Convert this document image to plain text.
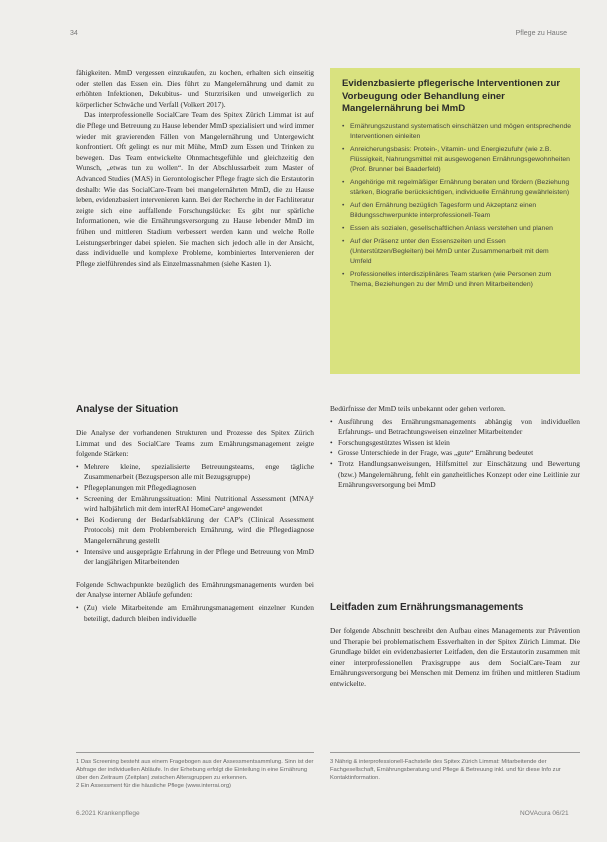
34	Pflege zu Hause

fähigkeiten. MmD vergessen einzukaufen, zu kochen, erhalten sich einseitig oder stellen das Essen ein. Dies führt zu Mangelernährung und damit zu erhöhten Infektionen, Dekubitus- und Sturzrisiken und unweigerlich zu körperlicher Schwäche und Verfall (Volkert 2017).

Das interprofessionelle SocialCare Team des Spitex Zürich Limmat ist auf die Pflege und Betreuung zu Hause lebender MmD spezialisiert und wird immer wieder mit gravierenden Fällen von Mangelernährung und Untergewicht konfrontiert. Oft gelingt es nur mit Mühe, MmD zum Essen und Trinken zu bewegen. Das Team entwickelte Ohnmachtsgefühle und gleichzeitig den Wunsch, „etwas tun zu wollen“. In der Abschlussarbeit zum Master of Advanced Studies (MAS) in Gerontologischer Pflege fragte sich die Erstautorin deshalb: Wie das SocialCare-Team bei mangelernährten MmD, die zu Hause leben, evidenzbasiert intervenieren kann. Bei der Recherche in der Fachliteratur zeigte sich eine auffallende Forschungslücke: Es gibt nur spärliche Informationen, wie die Ernährungsversorgung zu Hause lebender MmD im frühen und mittleren Stadium verbessert werden kann und welche Rolle Leistungserbringer dabei spielen. Sie machen sich jedoch alle in der Ansicht, dass individuelle und komplexe Probleme, kombiniertes Intervenieren der Pflege zielführendes sind als Einzelmassnahmen (siehe Kasten 1).

Evidenzbasierte pflegerische Interventionen zur Vorbeugung oder Behandlung einer Mangelernährung bei MmD
• Ernährungszustand systematisch einschätzen und mögen entsprechende Interventionen einleiten
• Anreicherungsbasis: Protein-, Vitamin- und Energiezufuhr (wie z.B. Flüssigkeit, Nahrungsmittel mit ausgewogenen Ernährungsgewohnheiten (Prof. Brunner bei Baaderfeld)
• Angehörige mit regelmäßiger Ernährung beraten und fördern (Beziehung stärken, Biografie berücksichtigen, individuelle Ernährung gewährleisten)
• Auf den Ernährung bezüglich Tagesform und Akzeptanz einen Bildungsschwerpunkte interprofessionell-Team
• Essen als sozialen, gesellschaftlichen Anlass verstehen und planen
• Auf der Präsenz unter den Essenszeiten und Essen (Unterstützen/Begleiten) bei MmD unter Zusammenarbeit mit dem Umfeld
• Professionelles interdisziplinäres Team starken (wie Personen zum Thema, Beziehungen zu der MmD und ihren Mitarbeitenden)
Analyse der Situation

Die Analyse der vorhandenen Strukturen und Prozesse des Spitex Zürich Limmat und des SocialCare Teams zum Ernährungsmanagement zeigte folgende Stärken:

• Mehrere kleine, spezialisierte Betreuungsteams, enge tägliche Zusammenarbeit (Bezugsperson alle mit Bezugsgruppe)
• Pflegeplanungen mit Pflegediagnosen
• Screening der Ernährungssituation: Mini Nutritional Assessment (MNA)¹ wird halbjährlich mit dem interRAI HomeCare² angewendet
• Bei Kodierung der Bedarfsabklärung der CAP's (Clinical Assessment Protocols) mit dem Problembereich Ernährung, wird die Pflegediagnose Mangelernährung gestellt
• Intensive und ausgeprägte Erfahrung in der Pflege und Betreuung von MmD der langjährigen Mitarbeitenden

Folgende Schwachpunkte bezüglich des Ernährungsmanagements wurden bei der Analyse interner Abläufe gefunden:

• (Zu) viele Mitarbeitende am Ernährungsmanagement einzelner Kunden beteiligt, dadurch bleiben individuelle

Bedürfnisse der MmD teils unbekannt oder gehen verloren.

• Ausführung des Ernährungsmanagements abhängig von individuellen Erfahrungs- und Betrachtungsweisen einzelner Mitarbeitender
• Forschungsgestütztes Wissen ist klein
• Grosse Unterschiede in der Frage, was „gute“ Ernährung bedeutet
• Trotz Handlungsanweisungen, Hilfsmittel zur Einschätzung und Bewertung (bzw.) Mangelernährung, fehlt ein ganzheitliches Konzept oder eine Leitlinie zur Ernährungsversorgung bei MmD
Leitfaden zum Ernährungsmanagements

Der folgende Abschnitt beschreibt den Aufbau eines Managements zur Prävention und Therapie bei problematischem Essverhalten in der Spitex Zürich Limmat. Die Grundlage bildet ein evidenzbasierter Leitfaden, den die Erstautorin zusammen mit einer interprofessionellen Praxisgruppe aus dem SocialCare-Team zur Ernährungsversorgung bei Menschen mit Demenz im frühen und mittleren Stadium entwickelte.

1 Das Screening besteht aus einem Fragebogen aus der Assessmentsammlung. Sinn ist der Abfrage der individuellen Abläufe. In der Erhebung erfolgt die Einteilung in eine Ernährung über den Zeitraum (Zeitplan) zwischen Altersgruppen zu erkennen.
2 Ein Assessment für die häusliche Pflege (www.interrai.org)
3 Nährig & interprofessionell-Fachstelle des Spitex Zürich Limmat: Mitarbeitende der Fachgesellschaft, Ernährungsberatung und Pflege & Betreuung inkl. und für diese Info zur Kontaktinformation.
6.2021 Krankenpflege	NOVAcura 06/21
